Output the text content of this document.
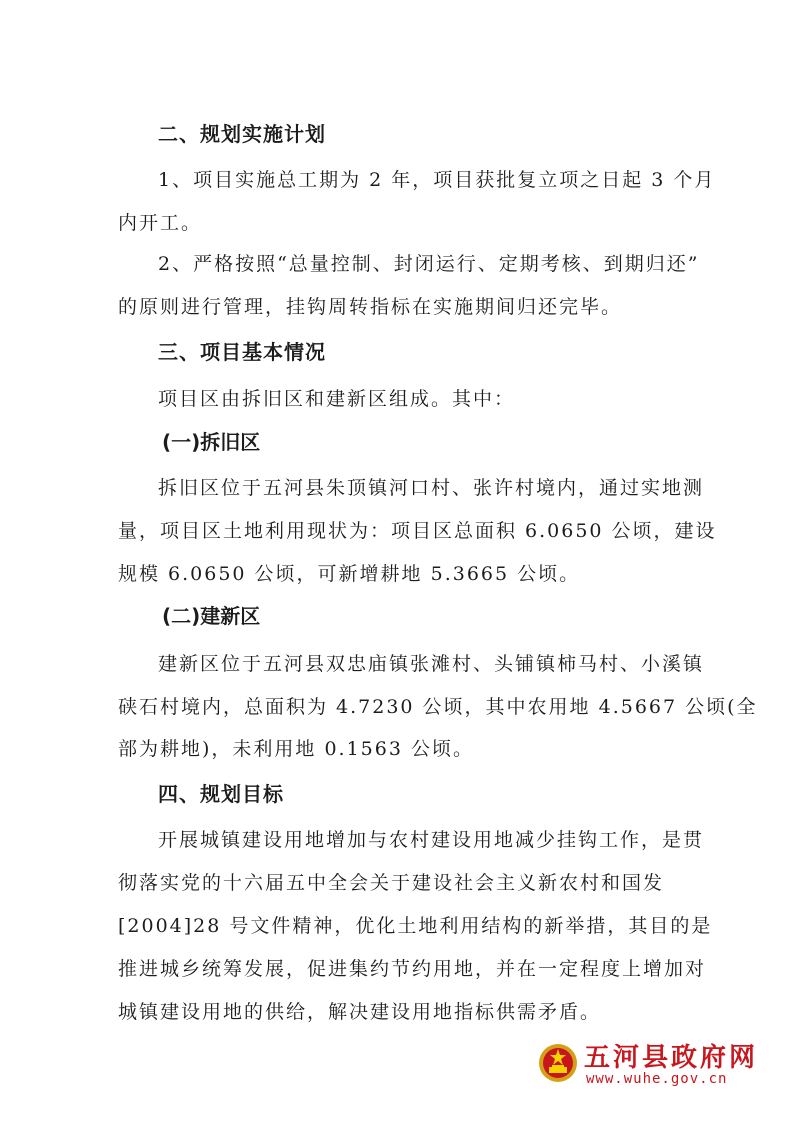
二、规划实施计划
1、项目实施总工期为 2 年，项目获批复立项之日起 3 个月
内开工。
2、严格按照“总量控制、封闭运行、定期考核、到期归还”
的原则进行管理，挂钩周转指标在实施期间归还完毕。
三、项目基本情况
项目区由拆旧区和建新区组成。其中：
(一)拆旧区
拆旧区位于五河县朱顶镇河口村、张许村境内，通过实地测
量，项目区土地利用现状为：项目区总面积 6.0650 公顷，建设
规模 6.0650 公顷，可新增耕地 5.3665 公顷。
(二)建新区
建新区位于五河县双忠庙镇张滩村、头铺镇柿马村、小溪镇
硖石村境内，总面积为 4.7230 公顷，其中农用地 4.5667 公顷(全
部为耕地)，未利用地 0.1563 公顷。
四、规划目标
开展城镇建设用地增加与农村建设用地减少挂钩工作，是贯
彻落实党的十六届五中全会关于建设社会主义新农村和国发
[2004]28 号文件精神，优化土地利用结构的新举措，其目的是
推进城乡统筹发展，促进集约节约用地，并在一定程度上增加对
城镇建设用地的供给，解决建设用地指标供需矛盾。
五河县政府网
www.wuhe.gov.cn
